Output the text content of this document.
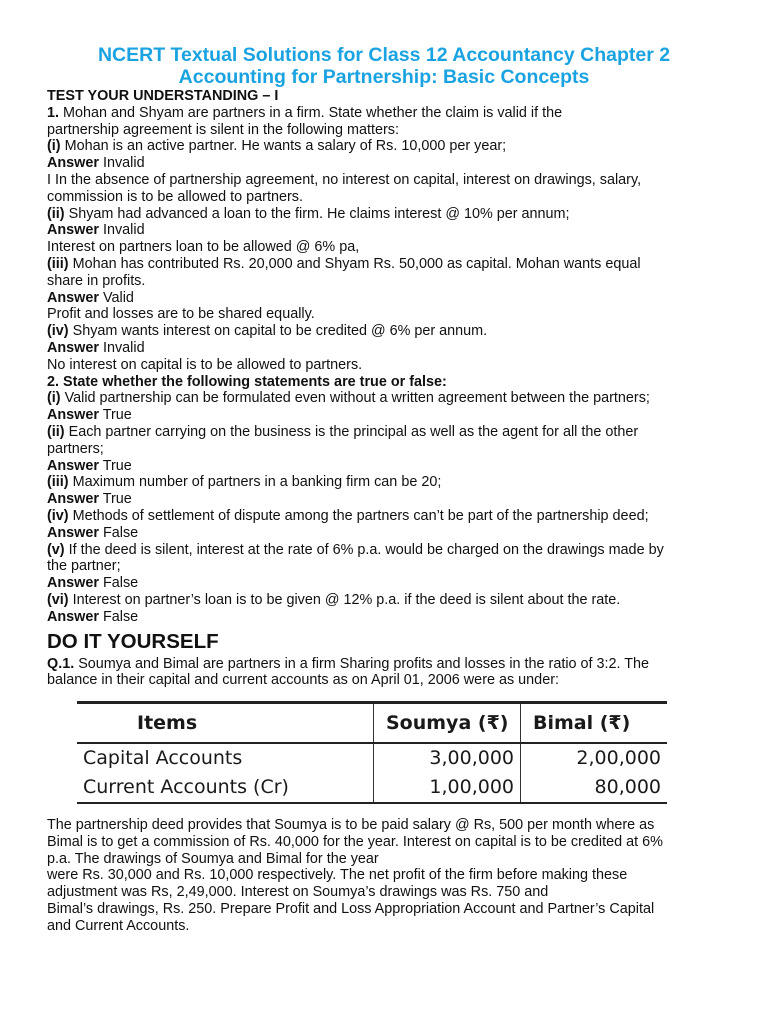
NCERT Textual Solutions for Class 12 Accountancy Chapter 2
Accounting for Partnership: Basic Concepts
TEST YOUR UNDERSTANDING – I
1. Mohan and Shyam are partners in a firm. State whether the claim is valid if the
partnership agreement is silent in the following matters:
(i) Mohan is an active partner. He wants a salary of Rs. 10,000 per year;
Answer Invalid
I In the absence of partnership agreement, no interest on capital, interest on drawings, salary,
commission is to be allowed to partners.
(ii) Shyam had advanced a loan to the firm. He claims interest @ 10% per annum;
Answer Invalid
Interest on partners loan to be allowed @ 6% pa,
(iii) Mohan has contributed Rs. 20,000 and Shyam Rs. 50,000 as capital. Mohan wants equal
share in profits.
Answer Valid
Profit and losses are to be shared equally.
(iv) Shyam wants interest on capital to be credited @ 6% per annum.
Answer Invalid
No interest on capital is to be allowed to partners.
2. State whether the following statements are true or false:
(i) Valid partnership can be formulated even without a written agreement between the partners;
Answer True
(ii) Each partner carrying on the business is the principal as well as the agent for all the other
partners;
Answer True
(iii) Maximum number of partners in a banking firm can be 20;
Answer True
(iv) Methods of settlement of dispute among the partners can’t be part of the partnership deed;
Answer False
(v) If the deed is silent, interest at the rate of 6% p.a. would be charged on the drawings made by
the partner;
Answer False
(vi) Interest on partner’s loan is to be given @ 12% p.a. if the deed is silent about the rate.
Answer False
DO IT YOURSELF
Q.1. Soumya and Bimal are partners in a firm Sharing profits and losses in the ratio of 3:2. The
balance in their capital and current accounts as on April 01, 2006 were as under:
Items	Soumya (₹)	Bimal (₹)
Capital Accounts	3,00,000	2,00,000
Current Accounts (Cr)	1,00,000	80,000
The partnership deed provides that Soumya is to be paid salary @ Rs, 500 per month where as
Bimal is to get a commission of Rs. 40,000 for the year. Interest on capital is to be credited at 6%
p.a. The drawings of Soumya and Bimal for the year
were Rs. 30,000 and Rs. 10,000 respectively. The net profit of the firm before making these
adjustment was Rs, 2,49,000. Interest on Soumya’s drawings was Rs. 750 and
Bimal’s drawings, Rs. 250. Prepare Profit and Loss Appropriation Account and Partner’s Capital
and Current Accounts.
